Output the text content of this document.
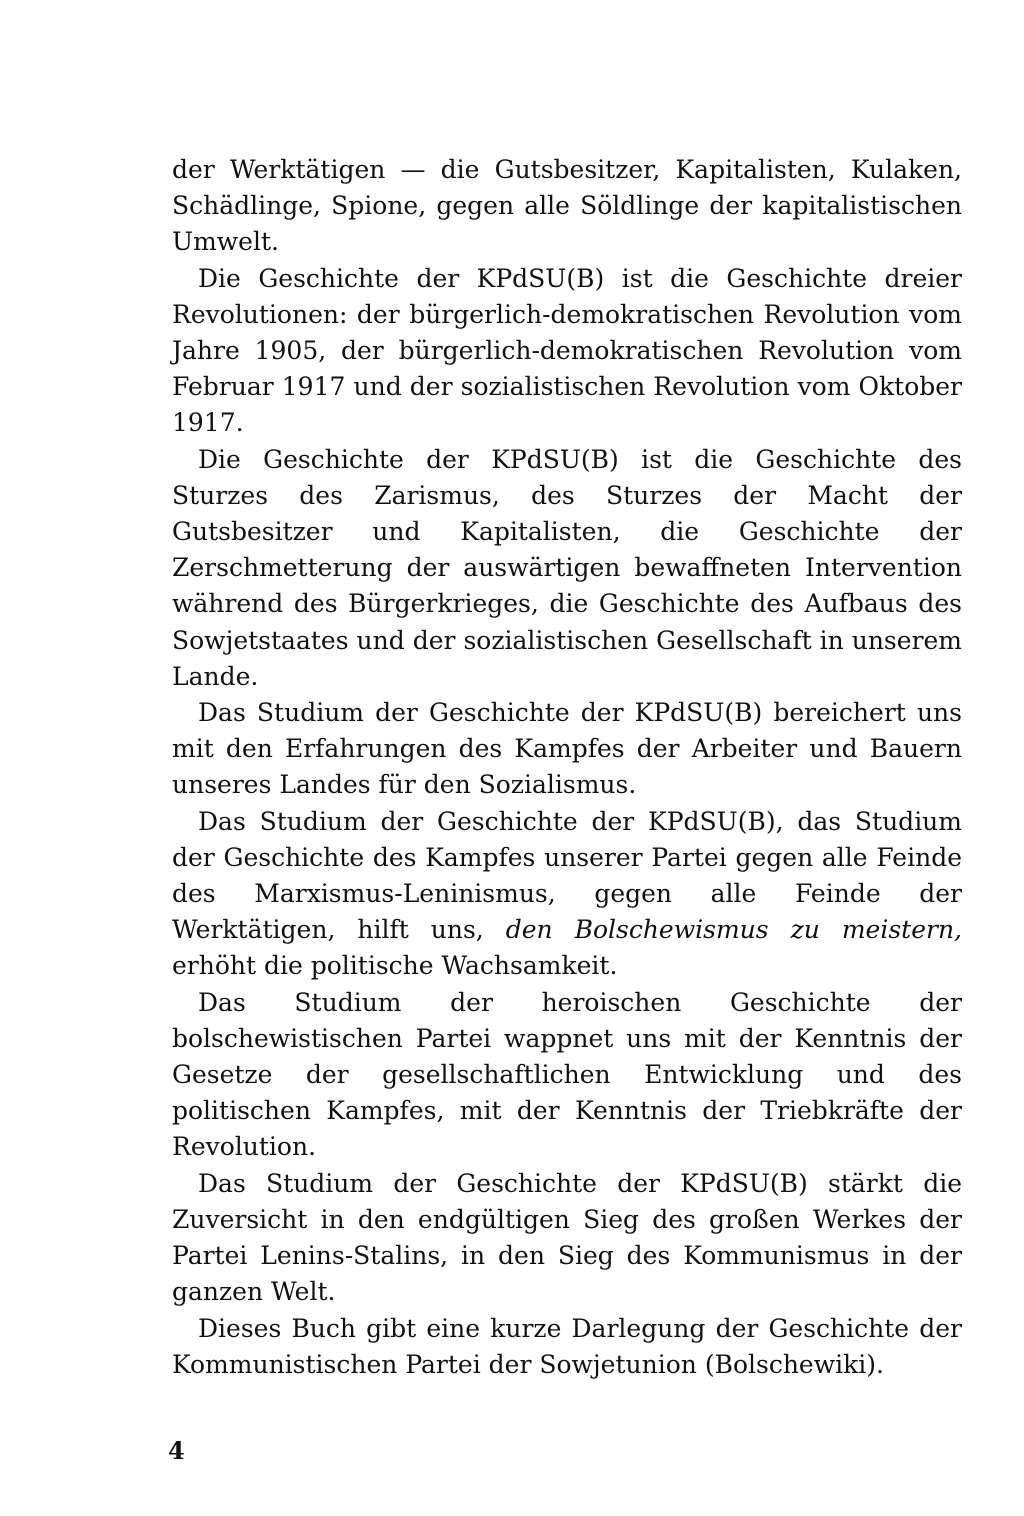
der Werktätigen — die Gutsbesitzer, Kapitalisten, Kulaken, Schädlinge, Spione, gegen alle Söldlinge der kapitalistischen Umwelt.

Die Geschichte der KPdSU(B) ist die Geschichte dreier Revolutionen: der bürgerlich-demokratischen Revolution vom Jahre 1905, der bürgerlich-demokratischen Revolution vom Februar 1917 und der sozialistischen Revolution vom Oktober 1917.

Die Geschichte der KPdSU(B) ist die Geschichte des Sturzes des Zarismus, des Sturzes der Macht der Gutsbesitzer und Kapitalisten, die Geschichte der Zerschmetterung der auswärtigen bewaffneten Intervention während des Bürgerkrieges, die Geschichte des Aufbaus des Sowjetstaates und der sozialistischen Gesellschaft in unserem Lande.

Das Studium der Geschichte der KPdSU(B) bereichert uns mit den Erfahrungen des Kampfes der Arbeiter und Bauern unseres Landes für den Sozialismus.

Das Studium der Geschichte der KPdSU(B), das Studium der Geschichte des Kampfes unserer Partei gegen alle Feinde des Marxismus-Leninismus, gegen alle Feinde der Werktätigen, hilft uns, den Bolschewismus zu meistern, erhöht die politische Wachsamkeit.

Das Studium der heroischen Geschichte der bolschewistischen Partei wappnet uns mit der Kenntnis der Gesetze der gesellschaftlichen Entwicklung und des politischen Kampfes, mit der Kenntnis der Triebkräfte der Revolution.

Das Studium der Geschichte der KPdSU(B) stärkt die Zuversicht in den endgültigen Sieg des großen Werkes der Partei Lenins-Stalins, in den Sieg des Kommunismus in der ganzen Welt.

Dieses Buch gibt eine kurze Darlegung der Geschichte der Kommunistischen Partei der Sowjetunion (Bolschewiki).

4
